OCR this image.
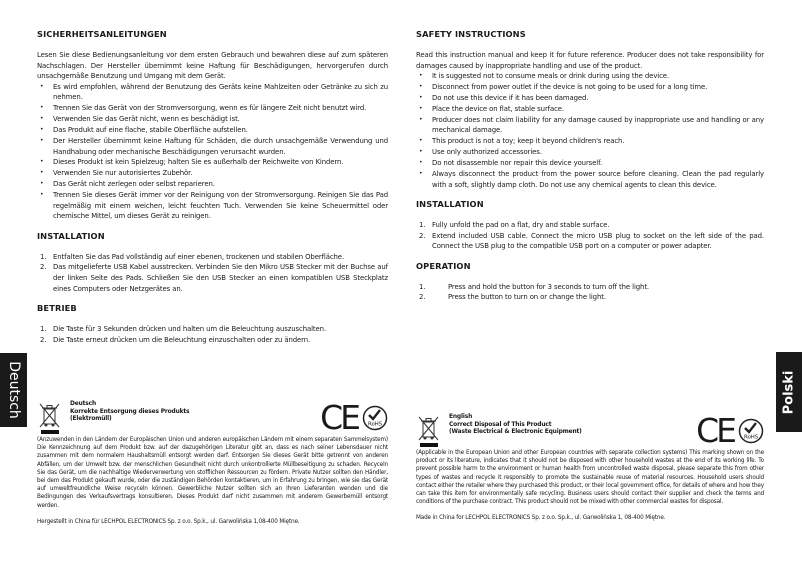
SICHERHEITSANLEITUNGEN

Lesen Sie diese Bedienungsanleitung vor dem ersten Gebrauch und bewahren diese auf zum späteren Nachschlagen. Der Hersteller übernimmt keine Haftung für Beschädigungen, hervorgerufen durch unsachgemäße Benutzung und Umgang mit dem Gerät.

• Es wird empfohlen, während der Benutzung des Geräts keine Mahlzeiten oder Getränke zu sich zu nehmen.
• Trennen Sie das Gerät von der Stromversorgung, wenn es für längere Zeit nicht benutzt wird.
• Verwenden Sie das Gerät nicht, wenn es beschädigt ist.
• Das Produkt auf eine flache, stabile Oberfläche aufstellen.
• Der Hersteller übernimmt keine Haftung für Schäden, die durch unsachgemäße Verwendung und Handhabung oder mechanische Beschädigungen verursacht wurden.
• Dieses Produkt ist kein Spielzeug; halten Sie es außerhalb der Reichweite von Kindern.
• Verwenden Sie nur autorisiertes Zubehör.
• Das Gerät nicht zerlegen oder selbst reparieren.
• Trennen Sie dieses Gerät immer vor der Reinigung von der Stromversorgung. Reinigen Sie das Pad regelmäßig mit einem weichen, leicht feuchten Tuch. Verwenden Sie keine Scheuermittel oder chemische Mittel, um dieses Gerät zu reinigen.
INSTALLATION
1. Entfalten Sie das Pad vollständig auf einer ebenen, trockenen und stabilen Oberfläche.
2. Das mitgelieferte USB Kabel ausstrecken. Verbinden Sie den Mikro USB Stecker mit der Buchse auf der linken Seite des Pads. Schließen Sie den USB Stecker an einen kompatiblen USB Steckplatz eines Computers oder Netzgerätes an.
BETRIEB
1. Die Taste für 3 Sekunden drücken und halten um die Beleuchtung auszuschalten.
2. Die Taste erneut drücken um die Beleuchtung einzuschalten oder zu ändern.
SAFETY INSTRUCTIONS

Read this instruction manual and keep it for future reference. Producer does not take responsibility for damages caused by inappropriate handling and use of the product.

• It is suggested not to consume meals or drink during using the device.
• Disconnect from power outlet if the device is not going to be used for a long time.
• Do not use this device if it has been damaged.
• Place the device on flat, stable surface.
• Producer does not claim liability for any damage caused by inappropriate use and handling or any mechanical damage.
• This product is not a toy; keep it beyond children's reach.
• Use only authorized accessories.
• Do not disassemble nor repair this device yourself.
• Always disconnect the product from the power source before cleaning. Clean the pad regularly with a soft, slightly damp cloth. Do not use any chemical agents to clean this device.
INSTALLATION
1. Fully unfold the pad on a flat, dry and stable surface.
2. Extend included USB cable. Connect the micro USB plug to socket on the left side of the pad. Connect the USB plug to the compatible USB port on a computer or power adapter.
OPERATION
1.	Press and hold the button for 3 seconds to turn off the light.
2.	Press the button to turn on or change the light.
Deutsch	Polski
Deutsch
Korrekte Entsorgung dieses Produkts
(Elektromüll)	CE RoHS

(Anzuwenden in den Ländern der Europäischen Union und anderen europäischen Ländern mit einem separaten Sammelsystem) Die Kennzeichnung auf dem Produkt bzw. auf der dazugehörigen Literatur gibt an, dass es nach seiner Lebensdauer nicht zusammen mit dem normalem Haushaltsmüll entsorgt werden darf. Entsorgen Sie dieses Gerät bitte getrennt von anderen Abfällen, um der Umwelt bzw. der menschlichen Gesundheit nicht durch unkontrollierte Müllbeseitigung zu schaden. Recyceln Sie das Gerät, um die nachhaltige Wiederverwertung von stofflichen Ressourcen zu fördern. Private Nutzer sollten den Händler, bei dem das Produkt gekauft wurde, oder die zuständigen Behörden kontaktieren, um in Erfahrung zu bringen, wie sie das Gerät auf umweltfreundliche Weise recyceln können. Gewerbliche Nutzer sollten sich an Ihren Lieferanten wenden und die Bedingungen des Verkaufsvertrags konsultieren. Dieses Produkt darf nicht zusammen mit anderem Gewerbemüll entsorgt werden.

Hergestellt in China für LECHPOL ELECTRONICS Sp. z o.o. Sp.k., ul. Garwolińska 1,08-400 Miętne.

English
Correct Disposal of This Product
(Waste Electrical & Electronic Equipment)	CE RoHS

(Applicable in the European Union and other European countries with separate collection systems) This marking shown on the product or its literature, indicates that it should not be disposed with other household wastes at the end of its working life. To prevent possible harm to the environment or human health from uncontrolled waste disposal, please separate this from other types of wastes and recycle it responsibly to promote the sustainable reuse of material resources. Household users should contact either the retailer where they purchased this product, or their local government office, for details of where and how they can take this item for environmentally safe recycling. Business users should contact their supplier and check the terms and conditions of the purchase contract. This product should not be mixed with other commercial wastes for disposal.

Made in China for LECHPOL ELECTRONICS Sp. z o.o. Sp.k., ul. Garwolińska 1, 08-400 Miętne.
